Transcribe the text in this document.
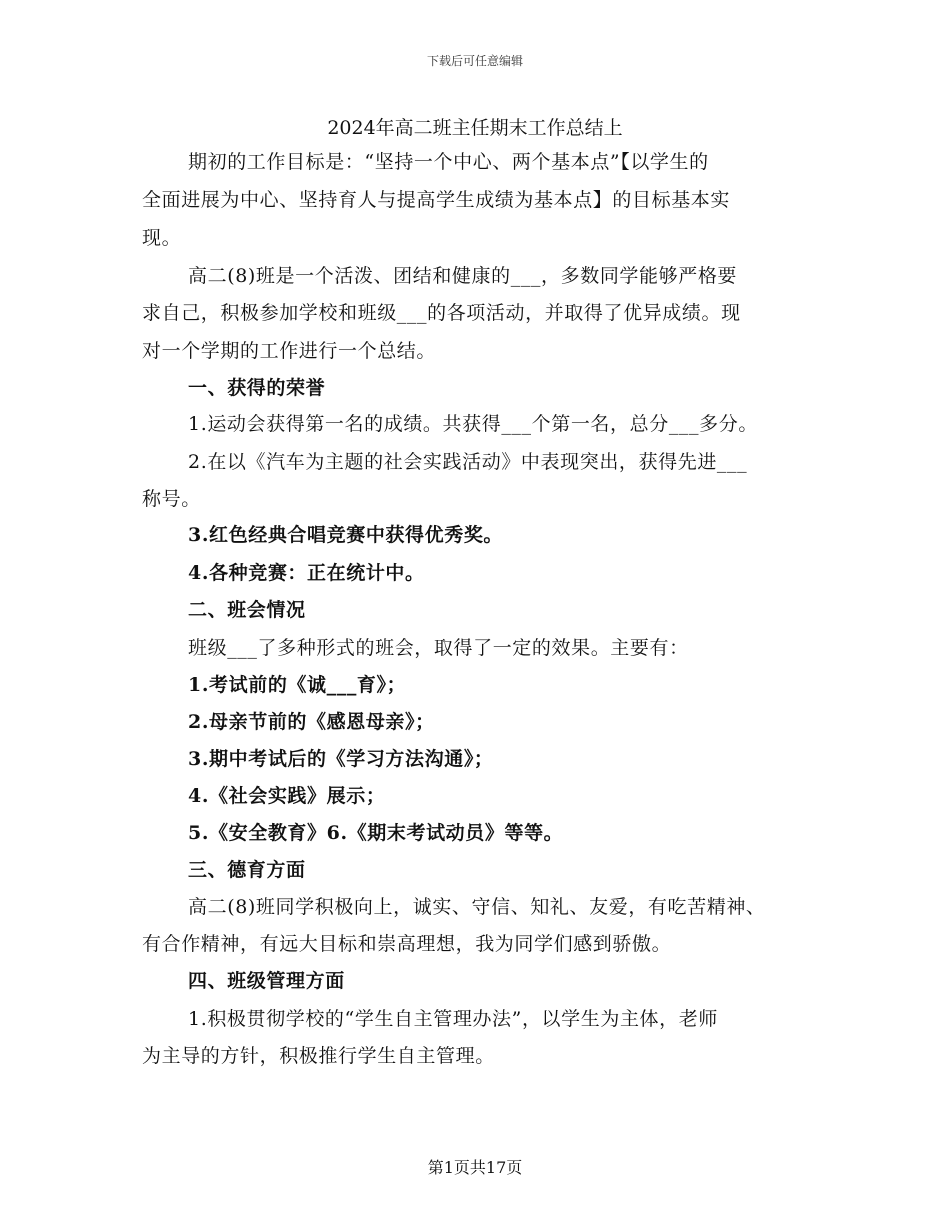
下载后可任意编辑
2024年高二班主任期末工作总结上
期初的工作目标是：“坚持一个中心、两个基本点”【以学生的
全面进展为中心、坚持育人与提高学生成绩为基本点】的目标基本实
现。
高二(8)班是一个活泼、团结和健康的___，多数同学能够严格要
求自己，积极参加学校和班级___的各项活动，并取得了优异成绩。现
对一个学期的工作进行一个总结。
一、获得的荣誉
1.运动会获得第一名的成绩。共获得___个第一名，总分___多分。
2.在以《汽车为主题的社会实践活动》中表现突出，获得先进___
称号。
3.红色经典合唱竞赛中获得优秀奖。
4.各种竞赛：正在统计中。
二、班会情况
班级___了多种形式的班会，取得了一定的效果。主要有：
1.考试前的《诚___育》；
2.母亲节前的《感恩母亲》；
3.期中考试后的《学习方法沟通》；
4.《社会实践》展示；
5.《安全教育》6.《期末考试动员》等等。
三、德育方面
高二(8)班同学积极向上，诚实、守信、知礼、友爱，有吃苦精神、
有合作精神，有远大目标和崇高理想，我为同学们感到骄傲。
四、班级管理方面
1.积极贯彻学校的“学生自主管理办法”，以学生为主体，老师
为主导的方针，积极推行学生自主管理。
第1页共17页
